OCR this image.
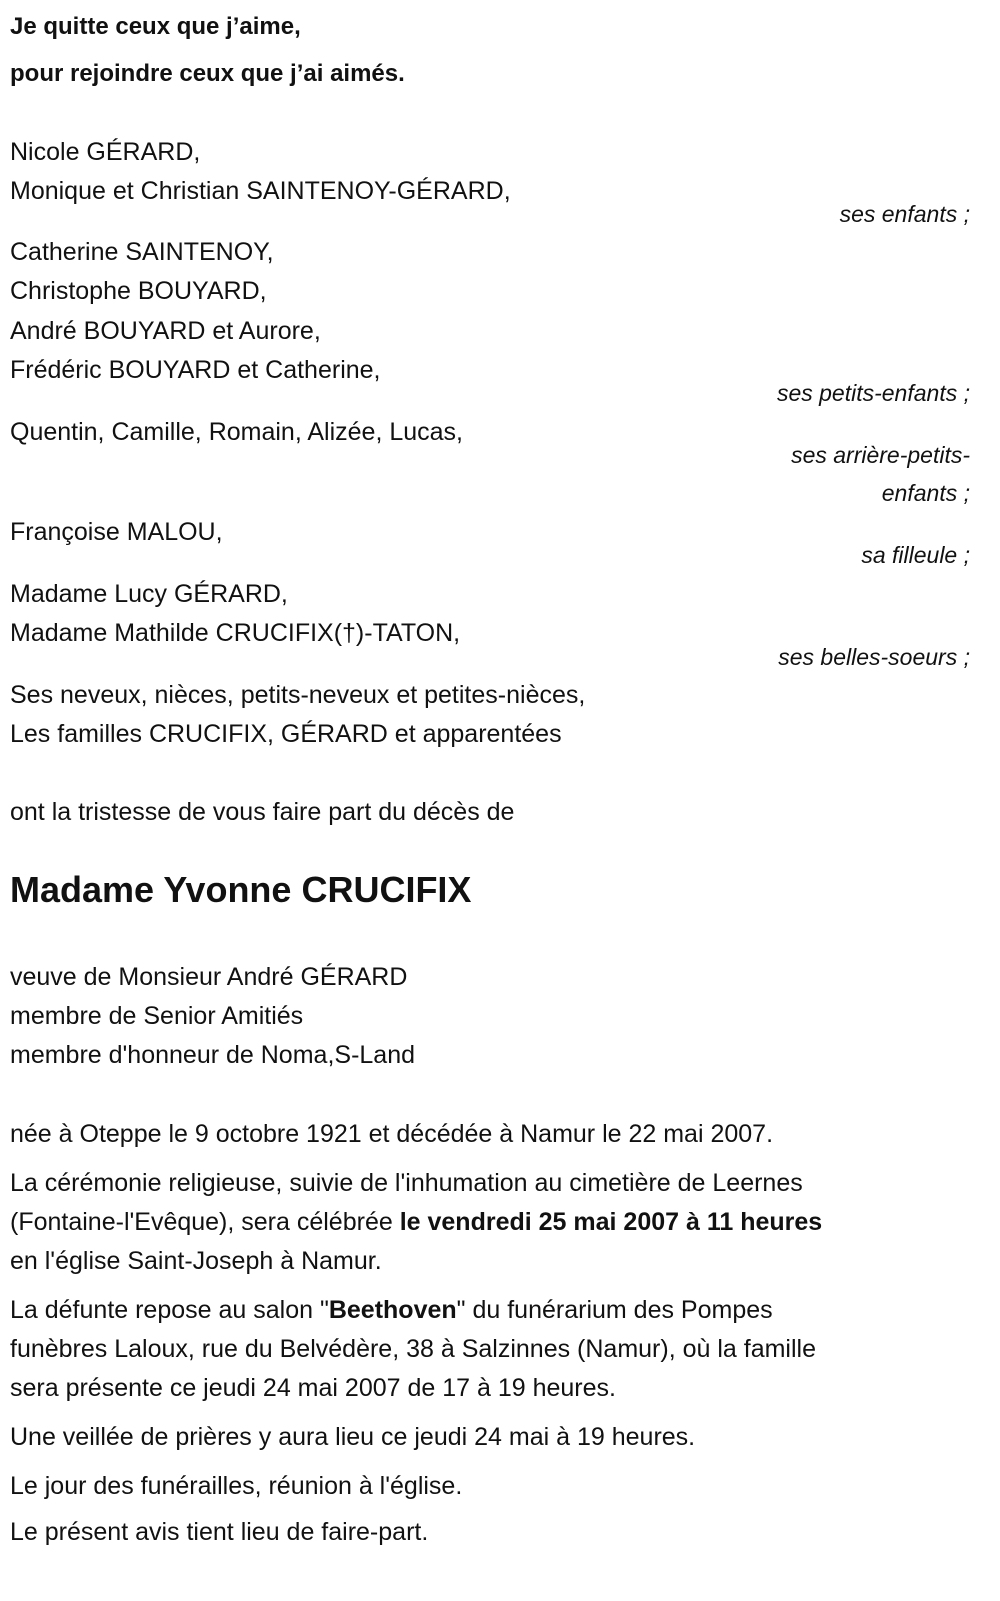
Je quitte ceux que j’aime,
pour rejoindre ceux que j’ai aimés.
Nicole GÉRARD,
Monique et Christian SAINTENOY-GÉRARD,
ses enfants ;
Catherine SAINTENOY,
Christophe BOUYARD,
André BOUYARD et Aurore,
Frédéric BOUYARD et Catherine,
ses petits-enfants ;
Quentin, Camille, Romain, Alizée, Lucas,
ses arrière-petits-
enfants ;
Françoise MALOU,
sa filleule ;
Madame Lucy GÉRARD,
Madame Mathilde CRUCIFIX(†)-TATON,
ses belles-soeurs ;
Ses neveux, nièces, petits-neveux et petites-nièces,
Les familles CRUCIFIX, GÉRARD et apparentées
ont la tristesse de vous faire part du décès de
Madame Yvonne CRUCIFIX
veuve de Monsieur André GÉRARD
membre de Senior Amitiés
membre d'honneur de Noma,S-Land
née à Oteppe le 9 octobre 1921 et décédée à Namur le 22 mai 2007.
La cérémonie religieuse, suivie de l'inhumation au cimetière de Leernes
(Fontaine-l'Evêque), sera célébrée le vendredi 25 mai 2007 à 11 heures
en l'église Saint-Joseph à Namur.
La défunte repose au salon "Beethoven" du funérarium des Pompes
funèbres Laloux, rue du Belvédère, 38 à Salzinnes (Namur), où la famille
sera présente ce jeudi 24 mai 2007 de 17 à 19 heures.
Une veillée de prières y aura lieu ce jeudi 24 mai à 19 heures.
Le jour des funérailles, réunion à l'église.
Le présent avis tient lieu de faire-part.
